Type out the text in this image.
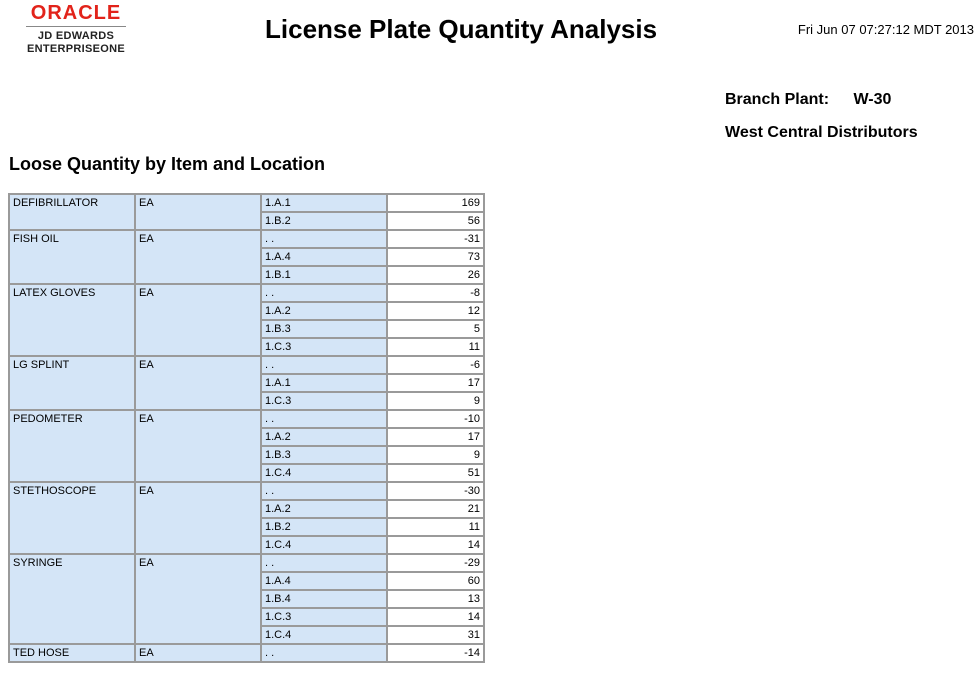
ORACLE
JD EDWARDS
ENTERPRISEONE
License Plate Quantity Analysis	Fri Jun 07 07:27:12 MDT 2013
Branch Plant: W-30
West Central Distributors
Loose Quantity by Item and Location
DEFIBRILLATOR	EA	1.A.1	169
		1.B.2	56
FISH OIL	EA	. .	-31
		1.A.4	73
		1.B.1	26
LATEX GLOVES	EA	. .	-8
		1.A.2	12
		1.B.3	5
		1.C.3	11
LG SPLINT	EA	. .	-6
		1.A.1	17
		1.C.3	9
PEDOMETER	EA	. .	-10
		1.A.2	17
		1.B.3	9
		1.C.4	51
STETHOSCOPE	EA	. .	-30
		1.A.2	21
		1.B.2	11
		1.C.4	14
SYRINGE	EA	. .	-29
		1.A.4	60
		1.B.4	13
		1.C.3	14
		1.C.4	31
TED HOSE	EA	. .	-14
